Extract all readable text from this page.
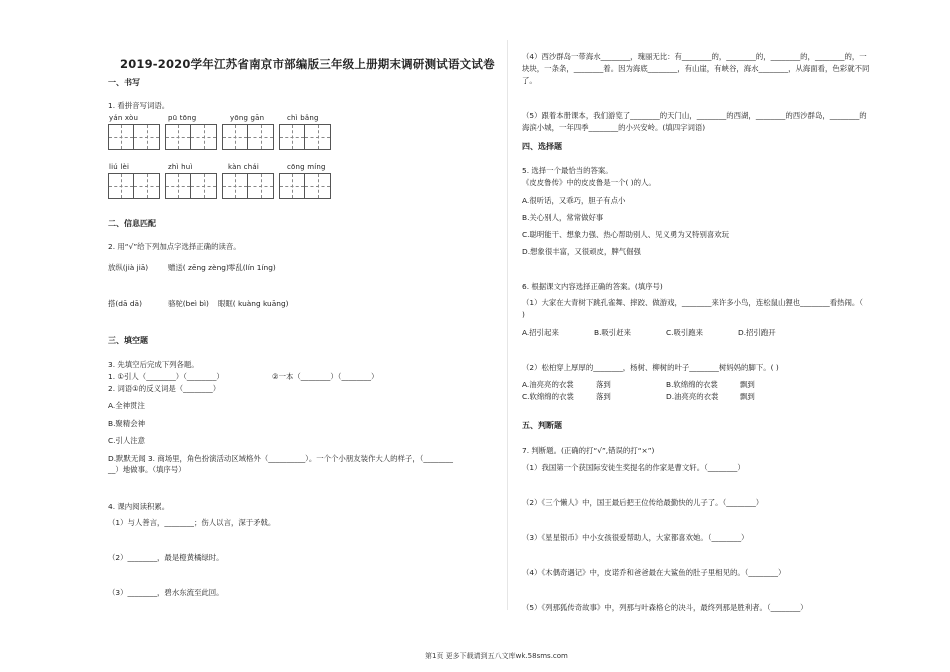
2019-2020学年江苏省南京市部编版三年级上册期末调研测试语文试卷
一、书写
1. 看拼音写词语。
yán xòu	pū tōng	yōng gān	chì bǎng
liú lèi	zhì huì	kàn chái	cōng míng
二、信息匹配
2. 用“√”给下列加点字选择正确的读音。
放纵(jià jiā)	赠送( zēng zèng) 零乱(lín 1íng)
搭(dā dā)	骆驼(beì bì) 眼眶( kuàng kuāng)
三、填空题
3. 先填空后完成下列各题。
1. ①引人（________）（________）	②一本（________）（________）
2. 词语①的反义词是（________）
A.全神贯注
B.聚精会神
C.引人注意
D.默默无闻 3. 商场里，角色扮演活动区域格外（__________）。一个个小朋友装作大人的样子，（________
__）地做事。（填序号）
4. 课内阅读积累。
（1）与人善言，________；伤人以言，深于矛戟。
（2）________，最是橙黄橘绿时。
（3）________，碧水东流至此回。
（4）西沙群岛一带海水________，瑰丽无比：有________的，________的，________的，________的，一
块块，一条条，________着。因为海底________，有山崖，有峡谷，海水________，从海面看，色彩就不同
了。
（5）跟着本册课本，我们游览了________的天门山，________的西湖，________的西沙群岛，________的
海滨小城，一年四季________的小兴安岭。(填四字词语)
四、选择题
5. 选择一个最恰当的答案。
《皮皮鲁传》中的皮皮鲁是一个( )的人。
A.很听话，又乖巧，胆子有点小
B.关心别人，常常做好事
C.聪明能干、想象力强、热心帮助别人、见义勇为又特别喜欢玩
D.想象很丰富，又很顽皮，脾气倔强
6. 根据课文内容选择正确的答案。(填序号)
（1）大家在大青树下跳孔雀舞、摔跤、做游戏，________来许多小鸟，连松鼠山狸也________看热闹。（
)
A.招引起来	B.吸引赶来	C.吸引跑来	D.招引跑开
（2）松柏穿上厚厚的________，杨树、柳树的叶子________树妈妈的脚下。( )
A.油亮亮的衣裳	落到	B.软绵绵的衣裳	飘到
C.软绵绵的衣裳	落到	D.油亮亮的衣裳	飘到
五、判断题
7. 判断题。(正确的打“√”,错误的打“×”)
（1）我国第一个获国际安徒生奖提名的作家是曹文轩。（________）
（2）《三个懒人》中，国王最后把王位传给最勤快的儿子了。（________）
（3）《星星银币》中小女孩很爱帮助人，大家都喜欢她。（________）
（4）《木偶奇遇记》中，皮诺乔和爸爸最在大鲨鱼的肚子里相见的。（________）
（5）《列那狐传奇故事》中，列那与叶森格仑的决斗，最终列那是胜利者。（________）
第1页 更多下载请到五八文库wk.58sms.com
